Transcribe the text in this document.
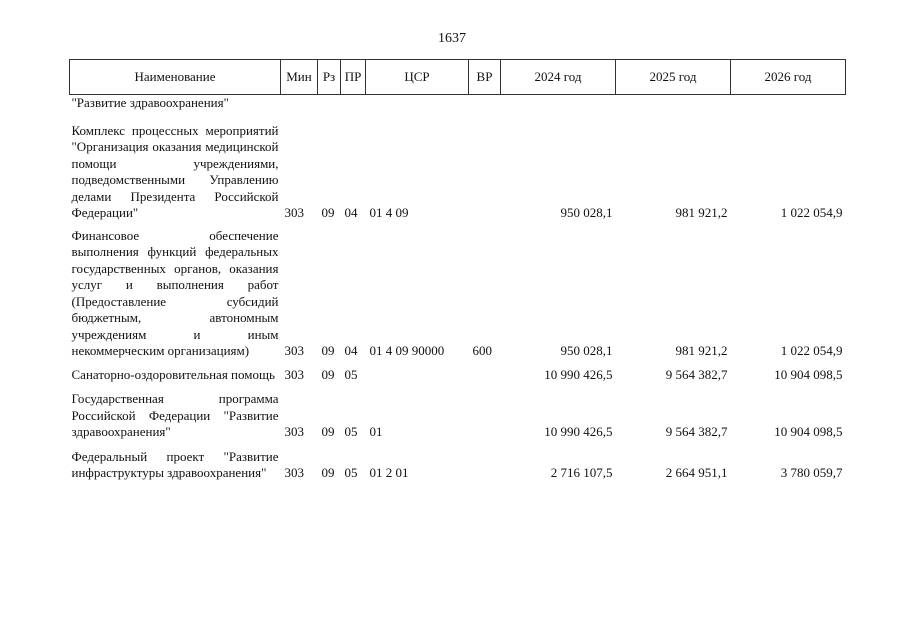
1637
Наименование	Мин	Рз	ПР	ЦСР	ВР	2024 год	2025 год	2026 год
"Развитие здравоохранения"								
Комплекс процессных мероприятий "Организация оказания медицинской помощи учреждениями, подведомственными Управлению делами Президента Российской Федерации"	303	09	04	01 4 09		950 028,1	981 921,2	1 022 054,9
Финансовое обеспечение выполнения функций федеральных государственных органов, оказания услуг и выполнения работ (Предоставление субсидий бюджетным, автономным учреждениям и иным некоммерческим организациям)	303	09	04	01 4 09 90000	600	950 028,1	981 921,2	1 022 054,9
Санаторно-оздоровительная помощь	303	09	05			10 990 426,5	9 564 382,7	10 904 098,5
Государственная программа Российской Федерации "Развитие здравоохранения"	303	09	05	01		10 990 426,5	9 564 382,7	10 904 098,5
Федеральный проект "Развитие инфраструктуры здравоохранения"	303	09	05	01 2 01		2 716 107,5	2 664 951,1	3 780 059,7
